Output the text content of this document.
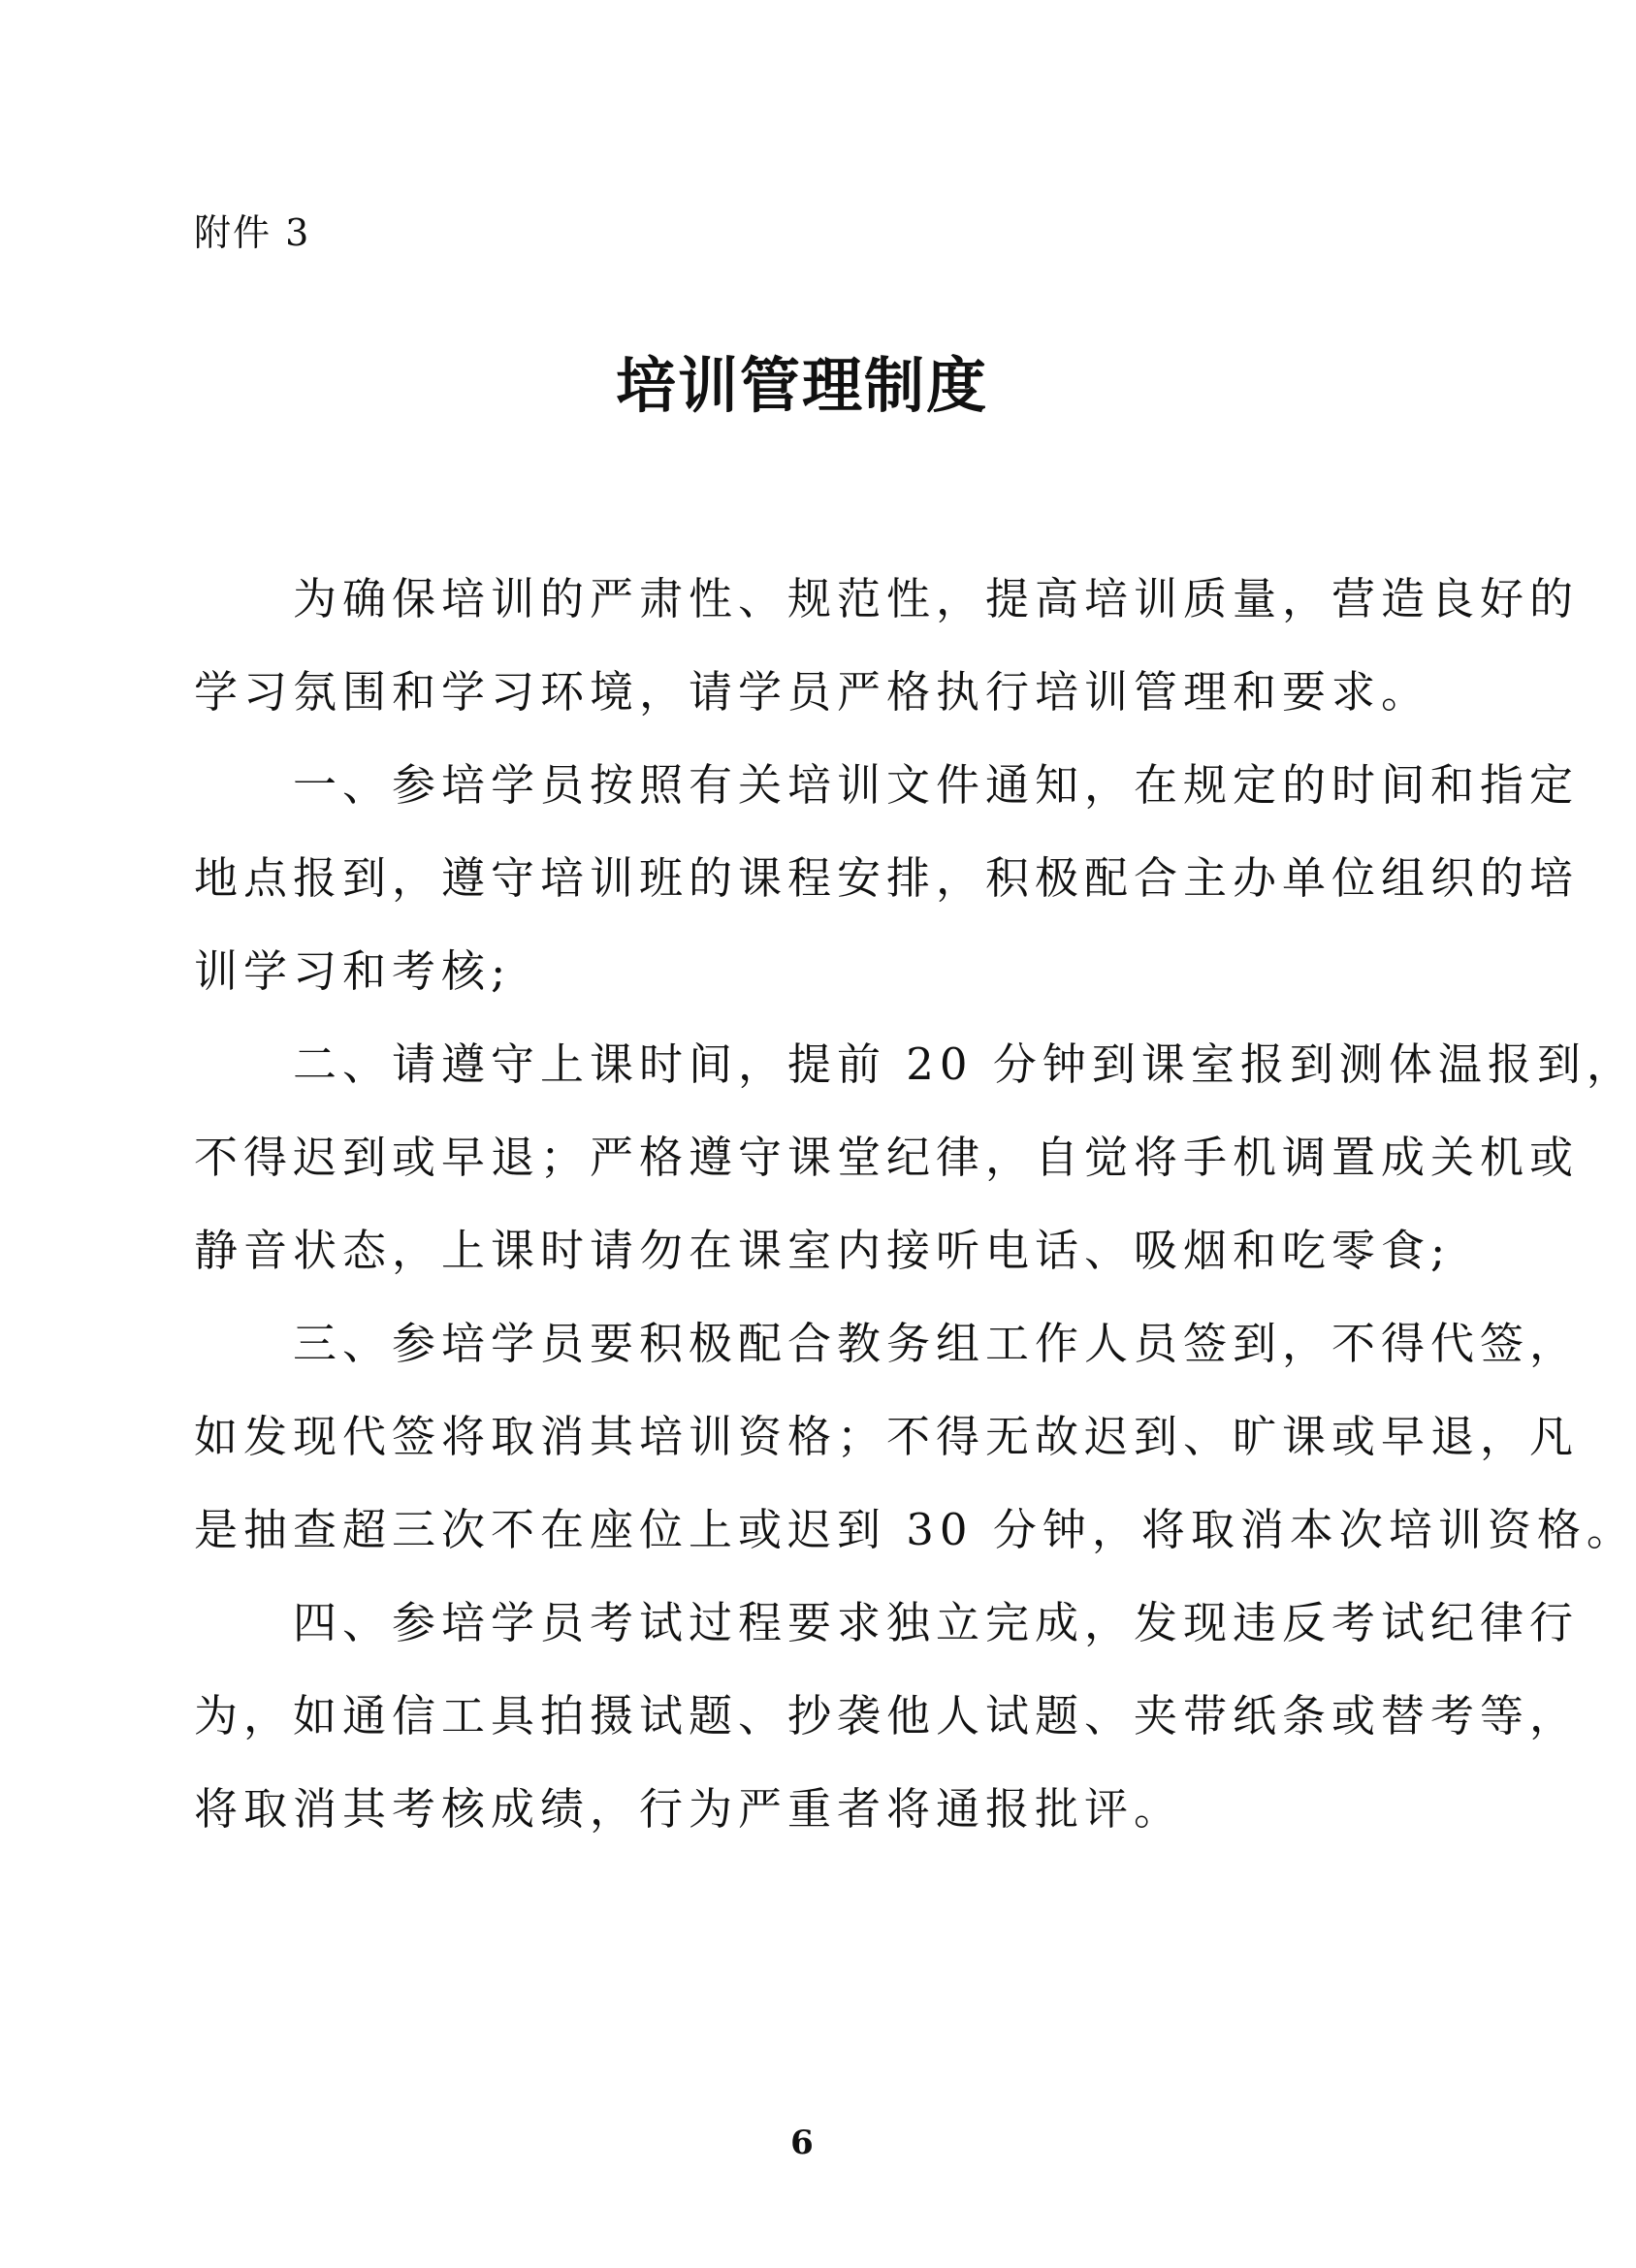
附件 3
培训管理制度
　　为确保培训的严肃性、规范性，提高培训质量，营造良好的
学习氛围和学习环境，请学员严格执行培训管理和要求。
　　一、参培学员按照有关培训文件通知，在规定的时间和指定
地点报到，遵守培训班的课程安排，积极配合主办单位组织的培
训学习和考核;
　　二、请遵守上课时间，提前 20 分钟到课室报到测体温报到，
不得迟到或早退；严格遵守课堂纪律，自觉将手机调置成关机或
静音状态，上课时请勿在课室内接听电话、吸烟和吃零食;
　　三、参培学员要积极配合教务组工作人员签到，不得代签，
如发现代签将取消其培训资格；不得无故迟到、旷课或早退，凡
是抽查超三次不在座位上或迟到 30 分钟，将取消本次培训资格。
　　四、参培学员考试过程要求独立完成，发现违反考试纪律行
为，如通信工具拍摄试题、抄袭他人试题、夹带纸条或替考等，
将取消其考核成绩，行为严重者将通报批评。
6
